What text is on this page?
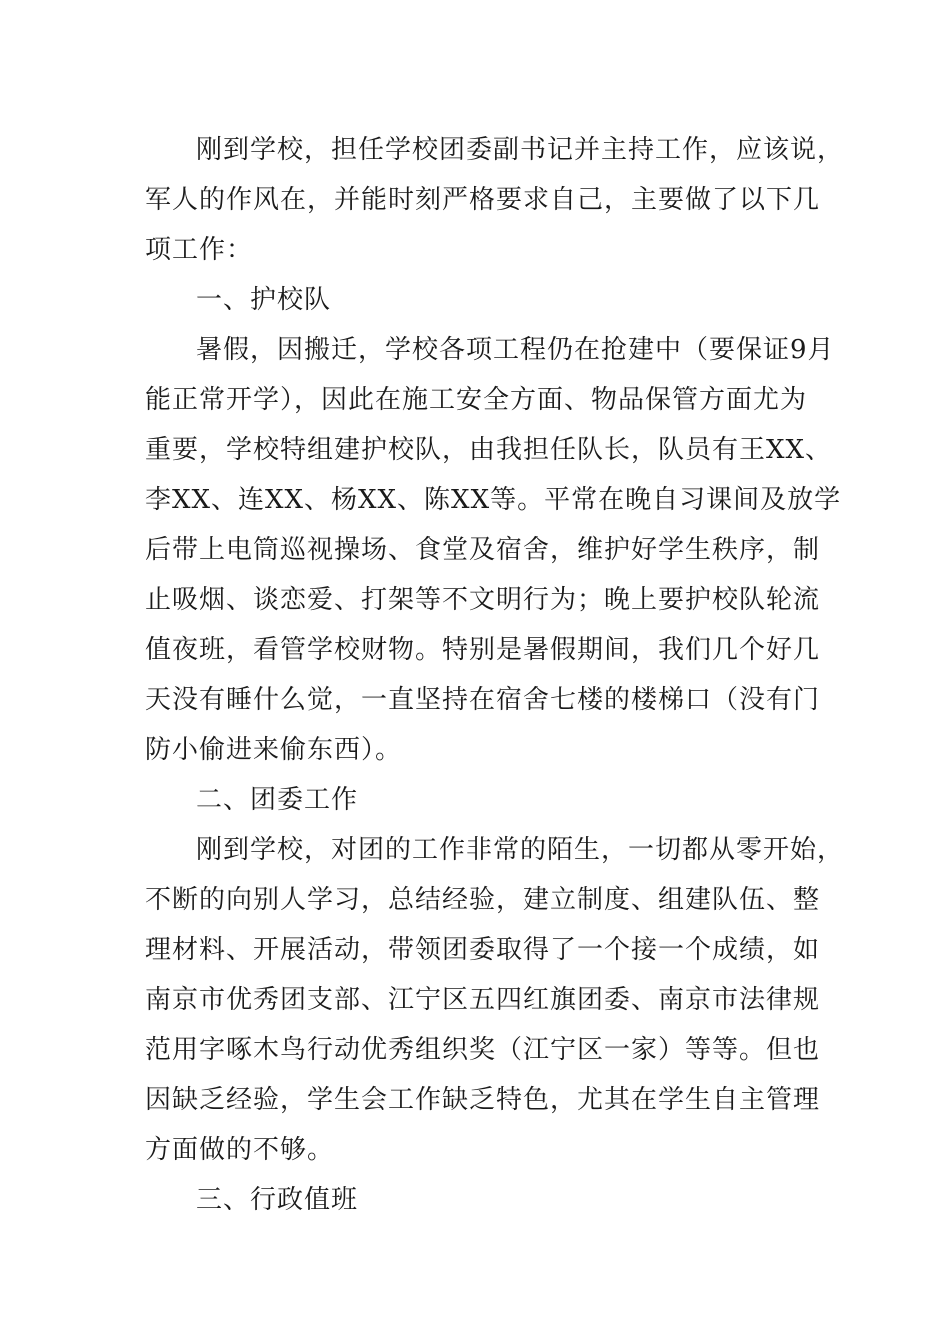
刚到学校，担任学校团委副书记并主持工作，应该说，
军人的作风在，并能时刻严格要求自己，主要做了以下几
项工作：
一、护校队
暑假，因搬迁，学校各项工程仍在抢建中（要保证9月
能正常开学），因此在施工安全方面、物品保管方面尤为
重要，学校特组建护校队，由我担任队长，队员有王XX、
李XX、连XX、杨XX、陈XX等。平常在晚自习课间及放学
后带上电筒巡视操场、食堂及宿舍，维护好学生秩序，制
止吸烟、谈恋爱、打架等不文明行为；晚上要护校队轮流
值夜班，看管学校财物。特别是暑假期间，我们几个好几
天没有睡什么觉，一直坚持在宿舍七楼的楼梯口（没有门
防小偷进来偷东西）。
二、团委工作
刚到学校，对团的工作非常的陌生，一切都从零开始，
不断的向别人学习，总结经验，建立制度、组建队伍、整
理材料、开展活动，带领团委取得了一个接一个成绩，如
南京市优秀团支部、江宁区五四红旗团委、南京市法律规
范用字啄木鸟行动优秀组织奖（江宁区一家）等等。但也
因缺乏经验，学生会工作缺乏特色，尤其在学生自主管理
方面做的不够。
三、行政值班
